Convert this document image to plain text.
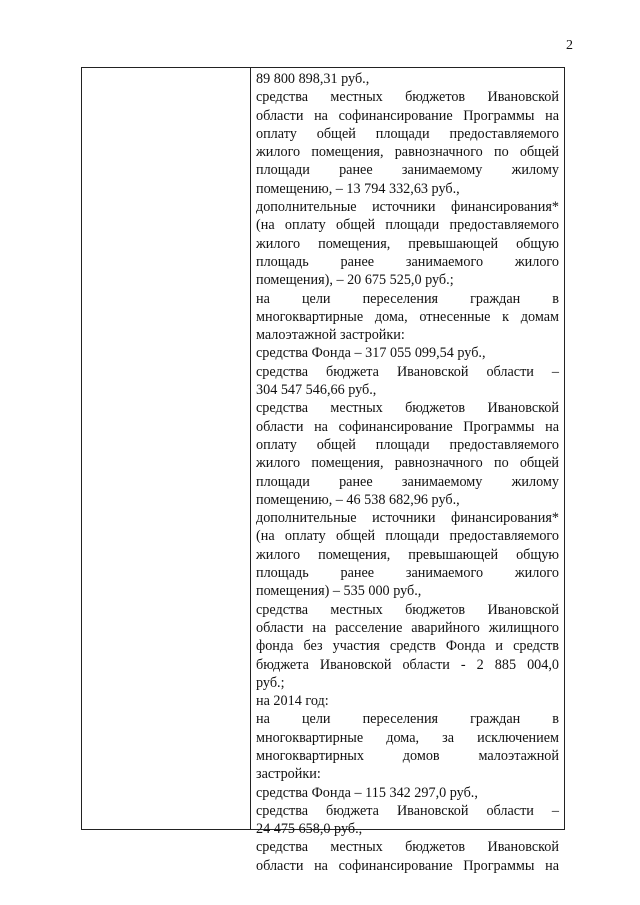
2
89 800 898,31 руб.,
средства местных бюджетов Ивановской
области на софинансирование Программы на
оплату общей площади предоставляемого
жилого помещения, равнозначного по общей
площади ранее занимаемому жилому
помещению, – 13 794 332,63 руб.,
дополнительные источники финансирования*
(на оплату общей площади предоставляемого
жилого помещения, превышающей общую
площадь ранее занимаемого жилого
помещения), – 20 675 525,0 руб.;
на цели переселения граждан в
многоквартирные дома, отнесенные к домам
малоэтажной застройки:
средства Фонда – 317 055 099,54 руб.,
средства бюджета Ивановской области –
304 547 546,66 руб.,
средства местных бюджетов Ивановской
области на софинансирование Программы на
оплату общей площади предоставляемого
жилого помещения, равнозначного по общей
площади ранее занимаемому жилому
помещению, – 46 538 682,96 руб.,
дополнительные источники финансирования*
(на оплату общей площади предоставляемого
жилого помещения, превышающей общую
площадь ранее занимаемого жилого
помещения) – 535 000 руб.,
средства местных бюджетов Ивановской
области на расселение аварийного жилищного
фонда без участия средств Фонда и средств
бюджета Ивановской области - 2 885 004,0
руб.;
на 2014 год:
на цели переселения граждан в
многоквартирные дома, за исключением
многоквартирных домов малоэтажной
застройки:
средства Фонда – 115 342 297,0 руб.,
средства бюджета Ивановской области –
24 475 658,0 руб.,
средства местных бюджетов Ивановской
области на софинансирование Программы на
